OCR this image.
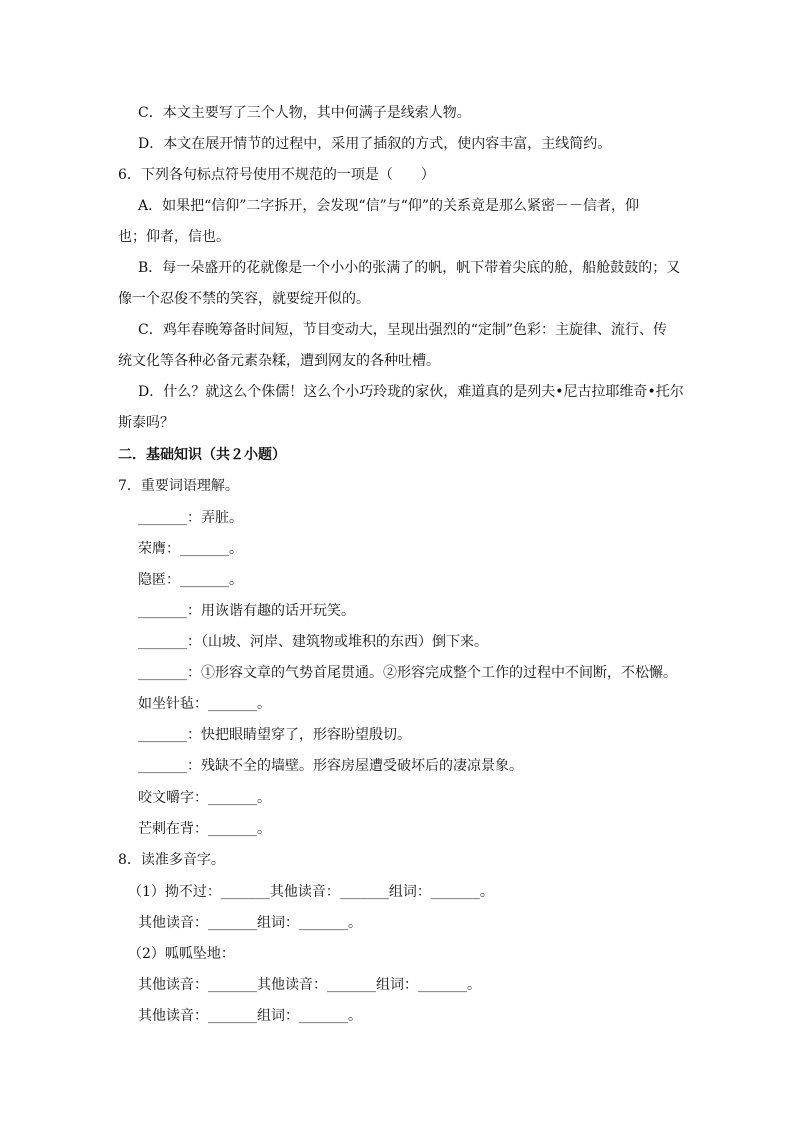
C．本文主要写了三个人物，其中何满子是线索人物。
D．本文在展开情节的过程中，采用了插叙的方式，使内容丰富，主线简约。
6．下列各句标点符号使用不规范的一项是（　　）
A．如果把“信仰”二字拆开，会发现“信”与“仰”的关系竟是那么紧密－－信者，仰
也；仰者，信也。
B．每一朵盛开的花就像是一个小小的张满了的帆，帆下带着尖底的舱，船舱鼓鼓的；又
像一个忍俊不禁的笑容，就要绽开似的。
C．鸡年春晚筹备时间短，节目变动大，呈现出强烈的“定制”色彩：主旋律、流行、传
统文化等各种必备元素杂糅，遭到网友的各种吐槽。
D．什么？就这么个侏儒！这么个小巧玲珑的家伙，难道真的是列夫•尼古拉耶维奇•托尔
斯泰吗？
二．基础知识（共２小题）
7．重要词语理解。
_______：弄脏。
荣膺：_______。
隐匿：_______。
_______：用诙谐有趣的话开玩笑。
_______：（山坡、河岸、建筑物或堆积的东西）倒下来。
_______：①形容文章的气势首尾贯通。②形容完成整个工作的过程中不间断，不松懈。
如坐针毡：_______。
_______：快把眼睛望穿了，形容盼望殷切。
_______：残缺不全的墙壁。形容房屋遭受破坏后的凄凉景象。
咬文嚼字：_______。
芒刺在背：_______。
8．读准多音字。
（1）拗不过：_______其他读音：_______组词：_______。
其他读音：_______组词：_______。
（2）呱呱坠地：
其他读音：_______其他读音：_______组词：_______。
其他读音：_______组词：_______。
